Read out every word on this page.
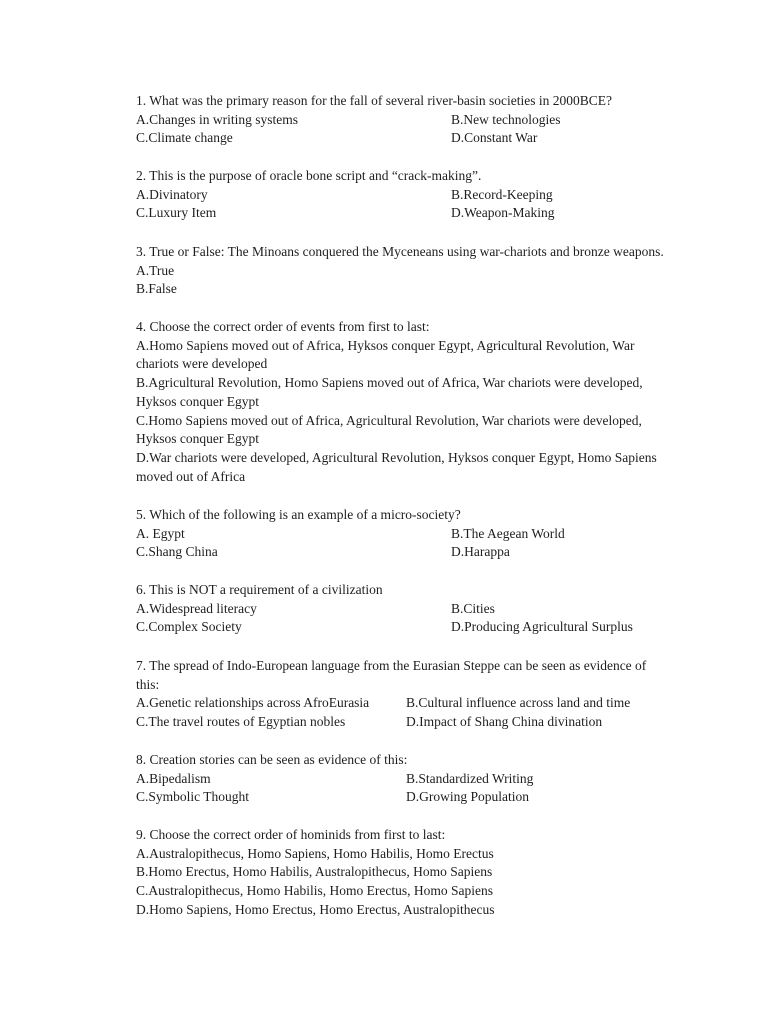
1. What was the primary reason for the fall of several river-basin societies in 2000BCE?
A.Changes in writing systems	B.New technologies
C.Climate change	D.Constant War
2. This is the purpose of oracle bone script and “crack-making”.
A.Divinatory	B.Record-Keeping
C.Luxury Item	D.Weapon-Making
3. True or False: The Minoans conquered the Myceneans using war-chariots and bronze weapons.
A.True
B.False
4. Choose the correct order of events from first to last:
A.Homo Sapiens moved out of Africa, Hyksos conquer Egypt, Agricultural Revolution, War
chariots were developed
B.Agricultural Revolution, Homo Sapiens moved out of Africa, War chariots were developed,
Hyksos conquer Egypt
C.Homo Sapiens moved out of Africa, Agricultural Revolution, War chariots were developed,
Hyksos conquer Egypt
D.War chariots were developed, Agricultural Revolution, Hyksos conquer Egypt, Homo Sapiens
moved out of Africa
5. Which of the following is an example of a micro-society?
A. Egypt	B.The Aegean World
C.Shang China	D.Harappa
6. This is NOT a requirement of a civilization
A.Widespread literacy	B.Cities
C.Complex Society	D.Producing Agricultural Surplus
7. The spread of Indo-European language from the Eurasian Steppe can be seen as evidence of
this:
A.Genetic relationships across AfroEurasia	B.Cultural influence across land and time
C.The travel routes of Egyptian nobles	D.Impact of Shang China divination
8. Creation stories can be seen as evidence of this:
A.Bipedalism	B.Standardized Writing
C.Symbolic Thought	D.Growing Population
9. Choose the correct order of hominids from first to last:
A.Australopithecus, Homo Sapiens, Homo Habilis, Homo Erectus
B.Homo Erectus, Homo Habilis, Australopithecus, Homo Sapiens
C.Australopithecus, Homo Habilis, Homo Erectus, Homo Sapiens
D.Homo Sapiens, Homo Erectus, Homo Erectus, Australopithecus
